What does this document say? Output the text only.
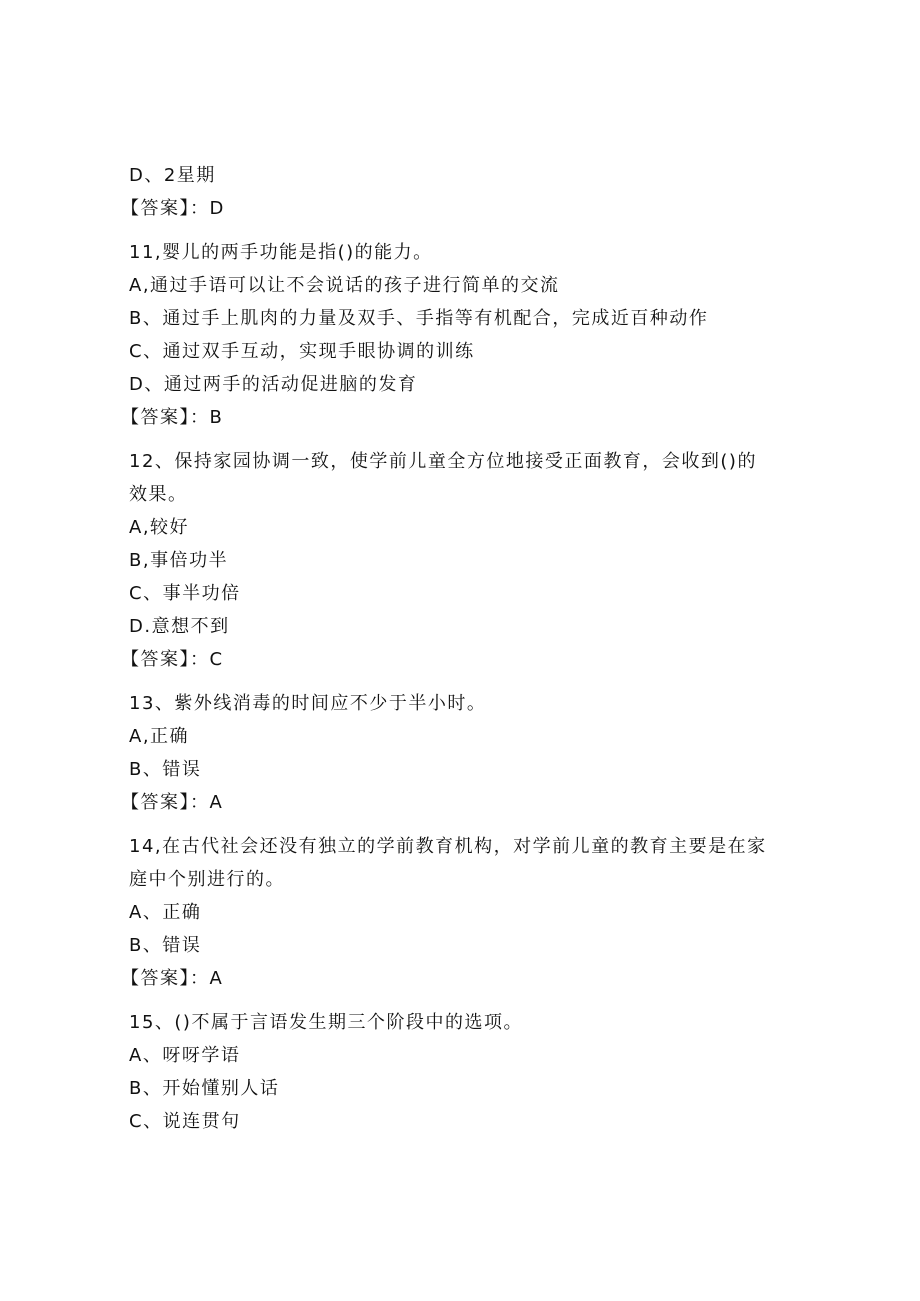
D、2星期
【答案】：D
11,婴儿的两手功能是指()的能力。
A,通过手语可以让不会说话的孩子进行简单的交流
B、通过手上肌肉的力量及双手、手指等有机配合，完成近百种动作
C、通过双手互动，实现手眼协调的训练
D、通过两手的活动促进脑的发育
【答案】：B
12、保持家园协调一致，使学前儿童全方位地接受正面教育，会收到()的
效果。
A,较好
B,事倍功半
C、事半功倍
D.意想不到
【答案】：C
13、紫外线消毒的时间应不少于半小时。
A,正确
B、错误
【答案】：A
14,在古代社会还没有独立的学前教育机构，对学前儿童的教育主要是在家
庭中个别进行的。
A、正确
B、错误
【答案】：A
15、()不属于言语发生期三个阶段中的选项。
A、呀呀学语
B、开始懂别人话
C、说连贯句
